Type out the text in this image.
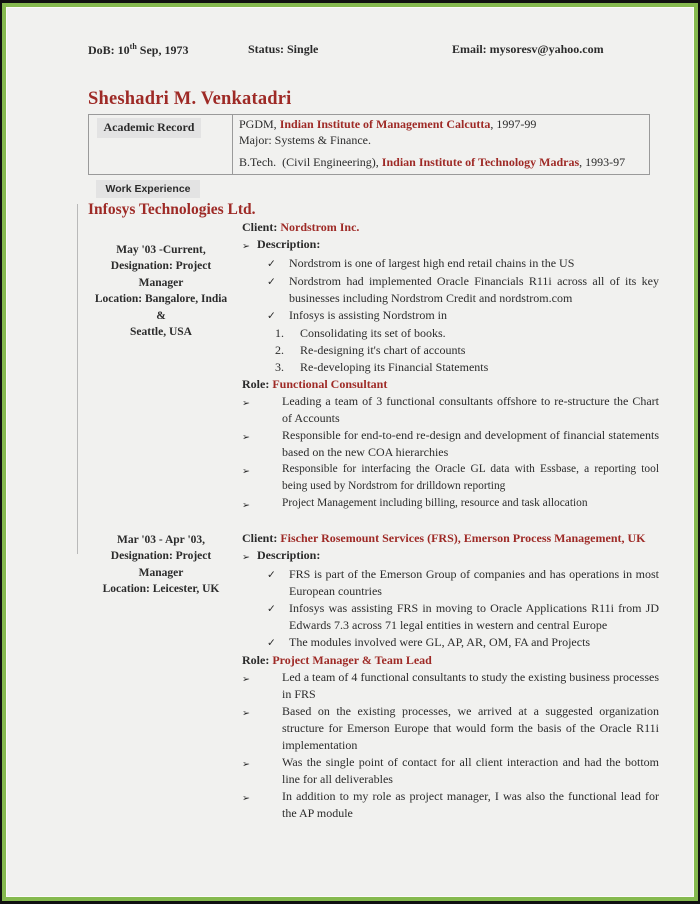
DoB: 10th Sep, 1973	Status: Single	Email: mysoresv@yahoo.com
Sheshadri M. Venkatadri
Academic Record	PGDM, Indian Institute of Management Calcutta, 1997-99
Major: Systems & Finance.
B.Tech.  (Civil Engineering), Indian Institute of Technology Madras, 1993-97
Work Experience
Infosys Technologies Ltd.
May '03 -Current,
Designation: Project Manager
Location: Bangalore, India
&
Seattle, USA
Client: Nordstrom Inc.
➢ Description:
✓	Nordstrom is one of largest high end retail chains in the US
✓	Nordstrom had implemented Oracle Financials R11i across all of its key businesses including Nordstrom Credit and nordstrom.com
✓	Infosys is assisting Nordstrom in
1.	Consolidating its set of books.
2.	Re-designing it's chart of accounts
3.	Re-developing its Financial Statements
Role: Functional Consultant
➢	Leading a team of 3 functional consultants offshore to re-structure the Chart of Accounts
➢	Responsible for end-to-end re-design and development of financial statements based on the new COA hierarchies
➢	Responsible for interfacing the Oracle GL data with Essbase, a reporting tool being used by Nordstrom for drilldown reporting
➢	Project Management including billing, resource and task allocation
Mar '03 - Apr '03,
Designation: Project Manager
Location: Leicester, UK
Client: Fischer Rosemount Services (FRS), Emerson Process Management, UK
➢ Description:
✓	FRS is part of the Emerson Group of companies and has operations in most European countries
✓	Infosys was assisting FRS in moving to Oracle Applications R11i from JD Edwards 7.3 across 71 legal entities in western and central Europe
✓	The modules involved were GL, AP, AR, OM, FA and Projects
Role: Project Manager & Team Lead
➢	Led a team of 4 functional consultants to study the existing business processes in FRS
➢	Based on the existing processes, we arrived at a suggested organization structure for Emerson Europe that would form the basis of the Oracle R11i implementation
➢	Was the single point of contact for all client interaction and had the bottom line for all deliverables
➢	In addition to my role as project manager, I was also the functional lead for the AP module
